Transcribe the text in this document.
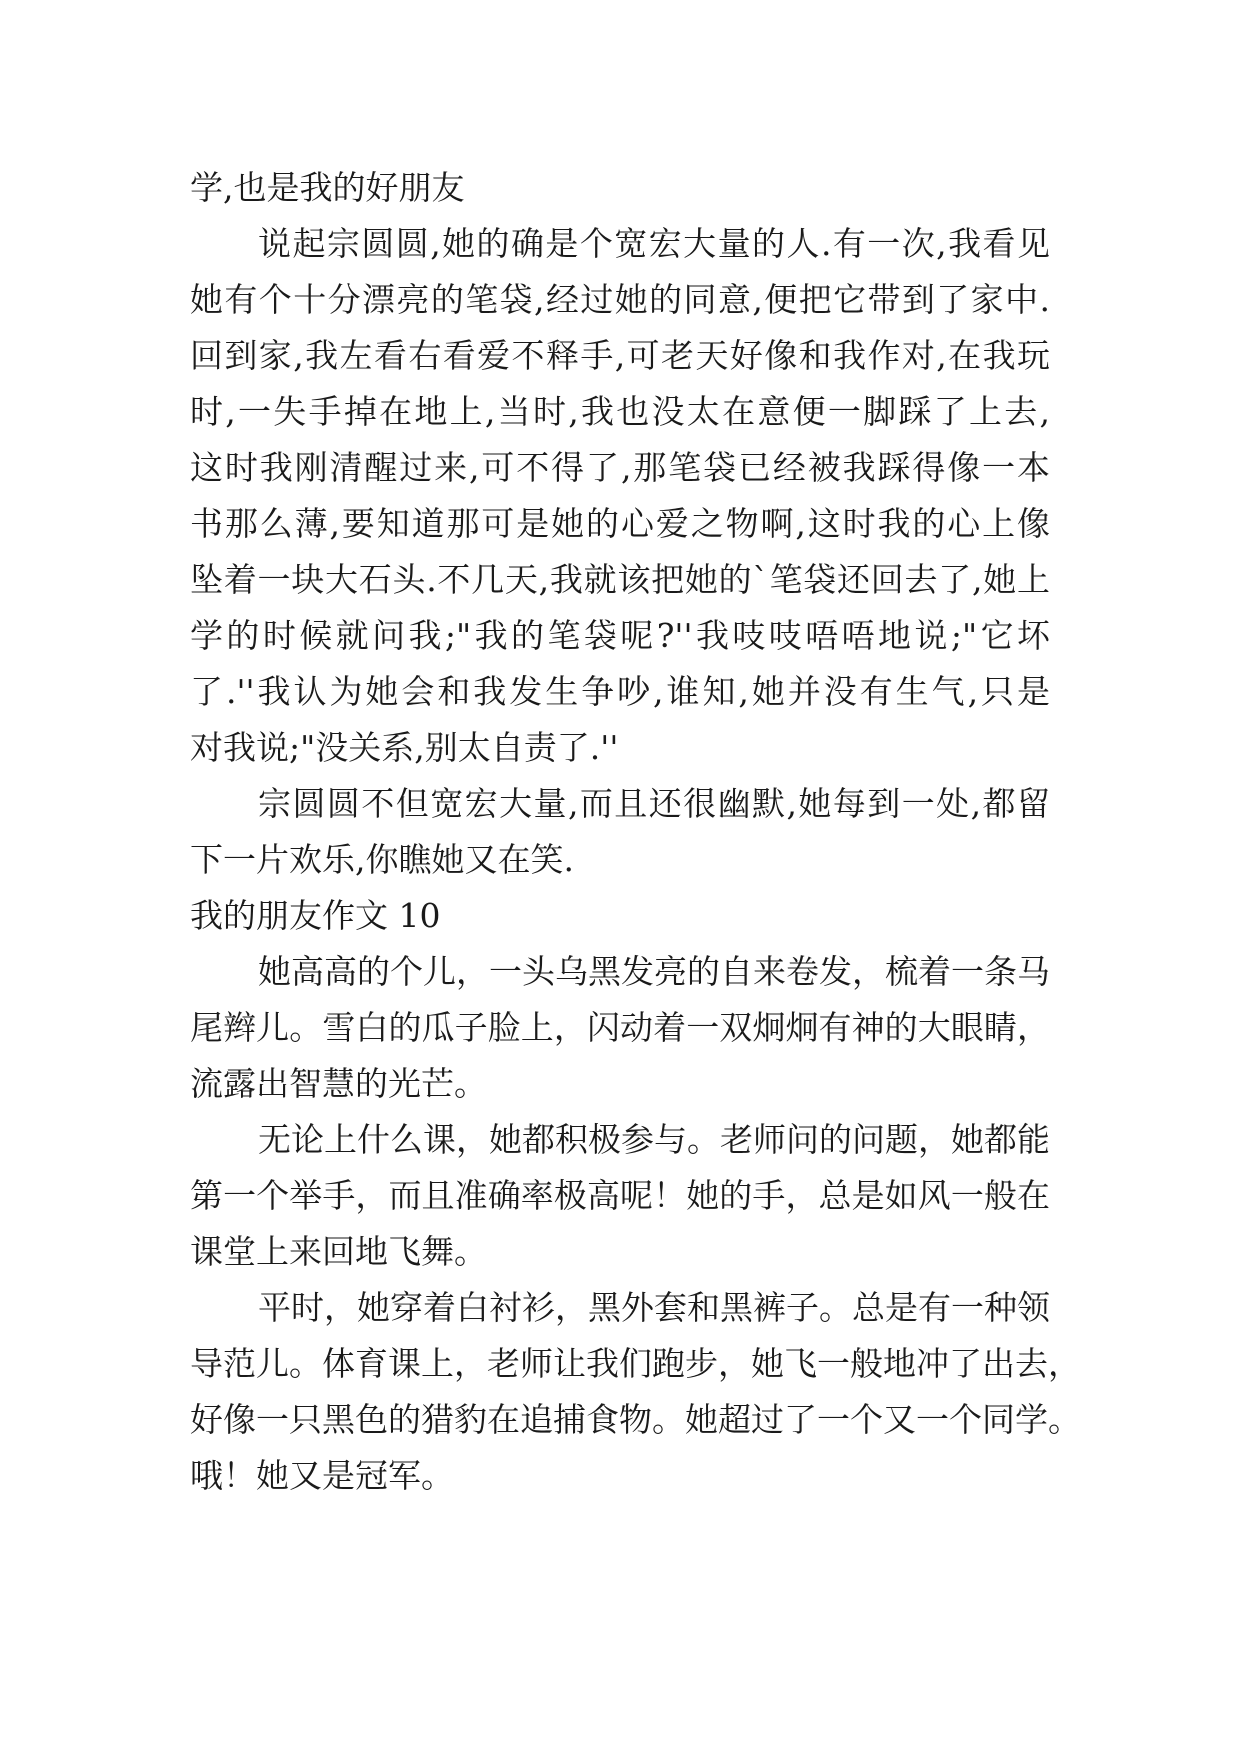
学,也是我的好朋友
说起宗圆圆,她的确是个宽宏大量的人.有一次,我看见
她有个十分漂亮的笔袋,经过她的同意,便把它带到了家中.
回到家,我左看右看爱不释手,可老天好像和我作对,在我玩
时,一失手掉在地上,当时,我也没太在意便一脚踩了上去,
这时我刚清醒过来,可不得了,那笔袋已经被我踩得像一本
书那么薄,要知道那可是她的心爱之物啊,这时我的心上像
坠着一块大石头.不几天,我就该把她的`笔袋还回去了,她上
学的时候就问我;"我的笔袋呢?''我吱吱唔唔地说;"它坏
了.''我认为她会和我发生争吵,谁知,她并没有生气,只是
对我说;"没关系,别太自责了.''
宗圆圆不但宽宏大量,而且还很幽默,她每到一处,都留
下一片欢乐,你瞧她又在笑.
我的朋友作文 10
她高高的个儿，一头乌黑发亮的自来卷发，梳着一条马
尾辫儿。雪白的瓜子脸上，闪动着一双炯炯有神的大眼睛，
流露出智慧的光芒。
无论上什么课，她都积极参与。老师问的问题，她都能
第一个举手，而且准确率极高呢！她的手，总是如风一般在
课堂上来回地飞舞。
平时，她穿着白衬衫，黑外套和黑裤子。总是有一种领
导范儿。体育课上，老师让我们跑步，她飞一般地冲了出去，
好像一只黑色的猎豹在追捕食物。她超过了一个又一个同学。
哦！她又是冠军。
